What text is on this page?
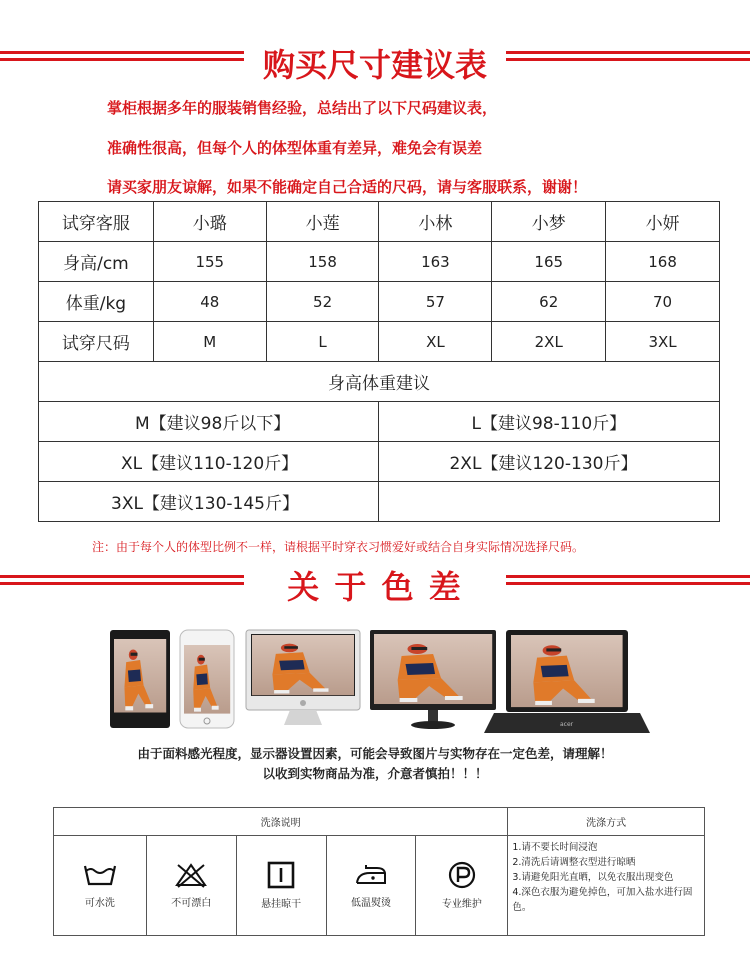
购买尺寸建议表
掌柜根据多年的服装销售经验，总结出了以下尺码建议表，
准确性很高，但每个人的体型体重有差异，难免会有误差
请买家朋友谅解，如果不能确定自己合适的尺码，请与客服联系，谢谢！
试穿客服	小璐	小莲	小林	小梦	小妍
身高/cm	155	158	163	165	168
体重/kg	48	52	57	62	70
试穿尺码	M	L	XL	2XL	3XL
身高体重建议					
M【建议98斤以下】			L【建议98-110斤】		
XL【建议110-120斤】			2XL【建议120-130斤】		
3XL【建议130-145斤】					
注：由于每个人的体型比例不一样，请根据平时穿衣习惯爱好或结合自身实际情况选择尺码。
关 于 色 差
acer
由于面料感光程度，显示器设置因素，可能会导致图片与实物存在一定色差，请理解！
以收到实物商品为准，介意者慎拍！！！
洗涤说明					洗涤方式

可水洗	不可漂白	悬挂晾干	低温熨烫	专业维护	1.请不要长时间浸泡
2.清洗后请调整衣型进行晾晒
3.请避免阳光直晒，以免衣服出现变色
4.深色衣服为避免掉色，可加入盐水进行固色。
